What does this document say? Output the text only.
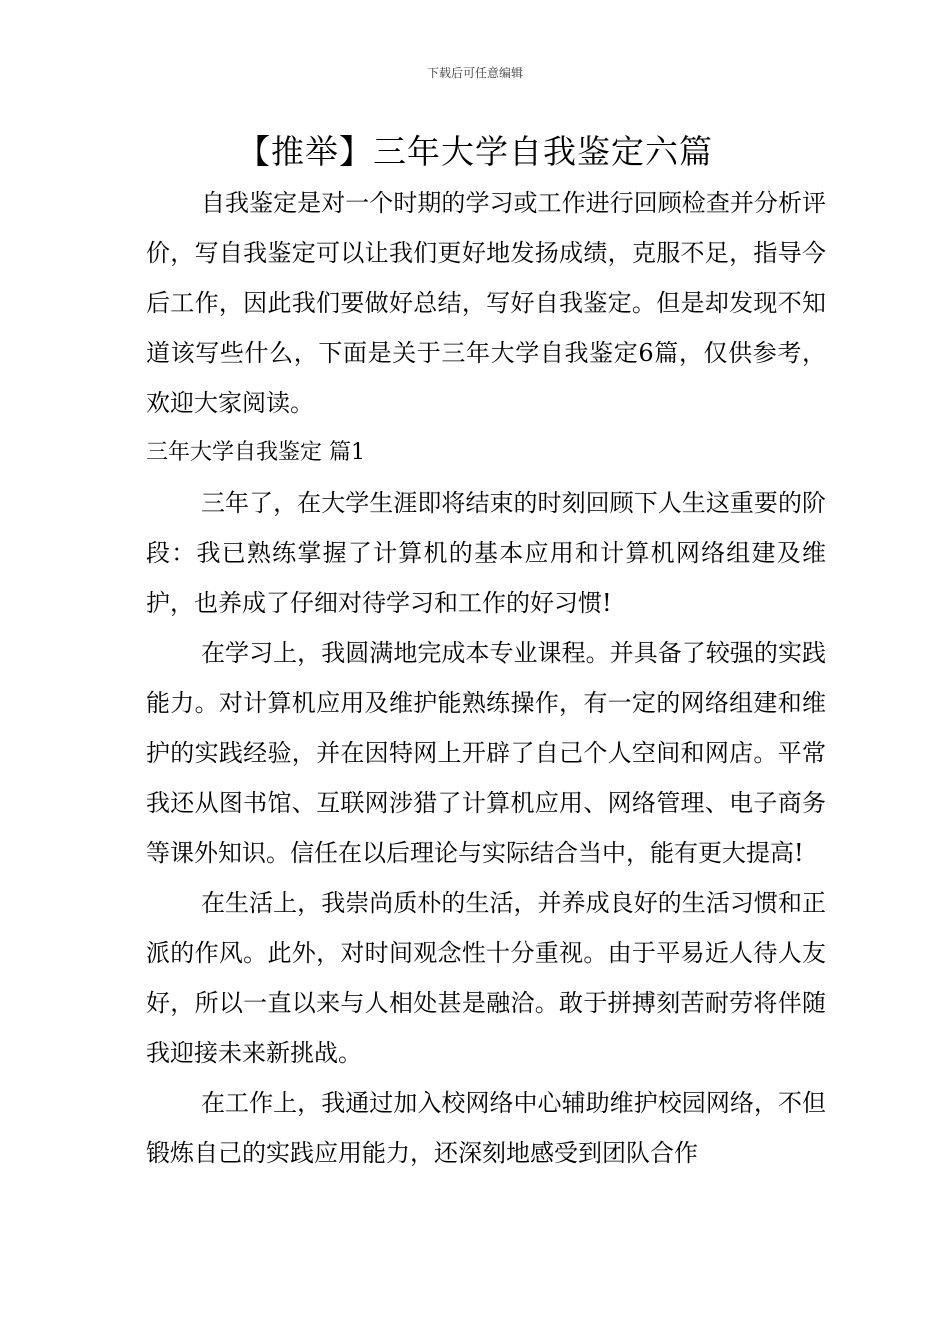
下载后可任意编辑
【推举】三年大学自我鉴定六篇

自我鉴定是对一个时期的学习或工作进行回顾检查并分析评价，写自我鉴定可以让我们更好地发扬成绩，克服不足，指导今后工作，因此我们要做好总结，写好自我鉴定。但是却发现不知道该写些什么，下面是关于三年大学自我鉴定6篇，仅供参考，欢迎大家阅读。

三年大学自我鉴定 篇1

三年了，在大学生涯即将结束的时刻回顾下人生这重要的阶段：我已熟练掌握了计算机的基本应用和计算机网络组建及维护，也养成了仔细对待学习和工作的好习惯!

在学习上，我圆满地完成本专业课程。并具备了较强的实践能力。对计算机应用及维护能熟练操作，有一定的网络组建和维护的实践经验，并在因特网上开辟了自己个人空间和网店。平常我还从图书馆、互联网涉猎了计算机应用、网络管理、电子商务等课外知识。信任在以后理论与实际结合当中，能有更大提高!

在生活上，我崇尚质朴的生活，并养成良好的生活习惯和正派的作风。此外，对时间观念性十分重视。由于平易近人待人友好，所以一直以来与人相处甚是融洽。敢于拼搏刻苦耐劳将伴随我迎接未来新挑战。

在工作上，我通过加入校网络中心辅助维护校园网络，不但锻炼自己的实践应用能力，还深刻地感受到团队合作
